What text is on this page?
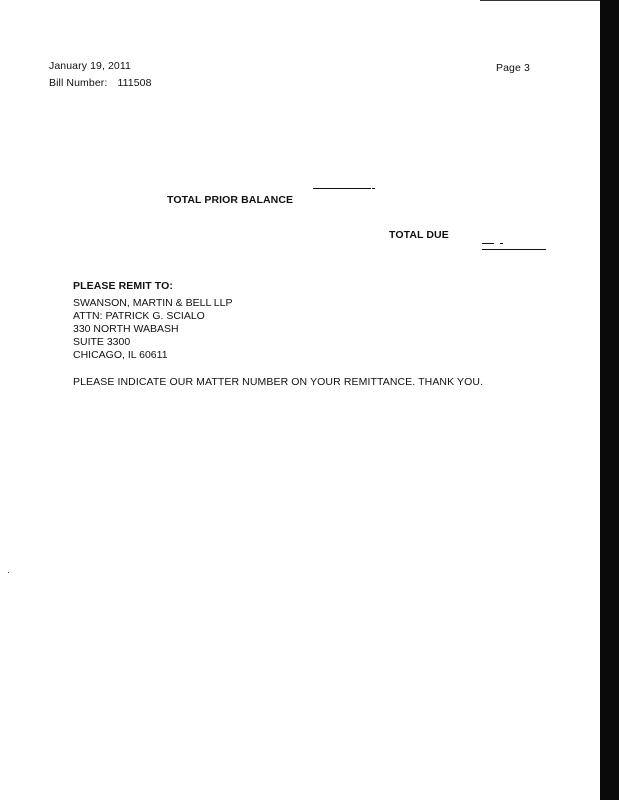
January 19, 2011
Bill Number: 111508
Page 3
TOTAL PRIOR BALANCE
TOTAL DUE
PLEASE REMIT TO:
SWANSON, MARTIN & BELL LLP
ATTN: PATRICK G. SCIALO
330 NORTH WABASH
SUITE 3300
CHICAGO, IL 60611
PLEASE INDICATE OUR MATTER NUMBER ON YOUR REMITTANCE. THANK YOU.
